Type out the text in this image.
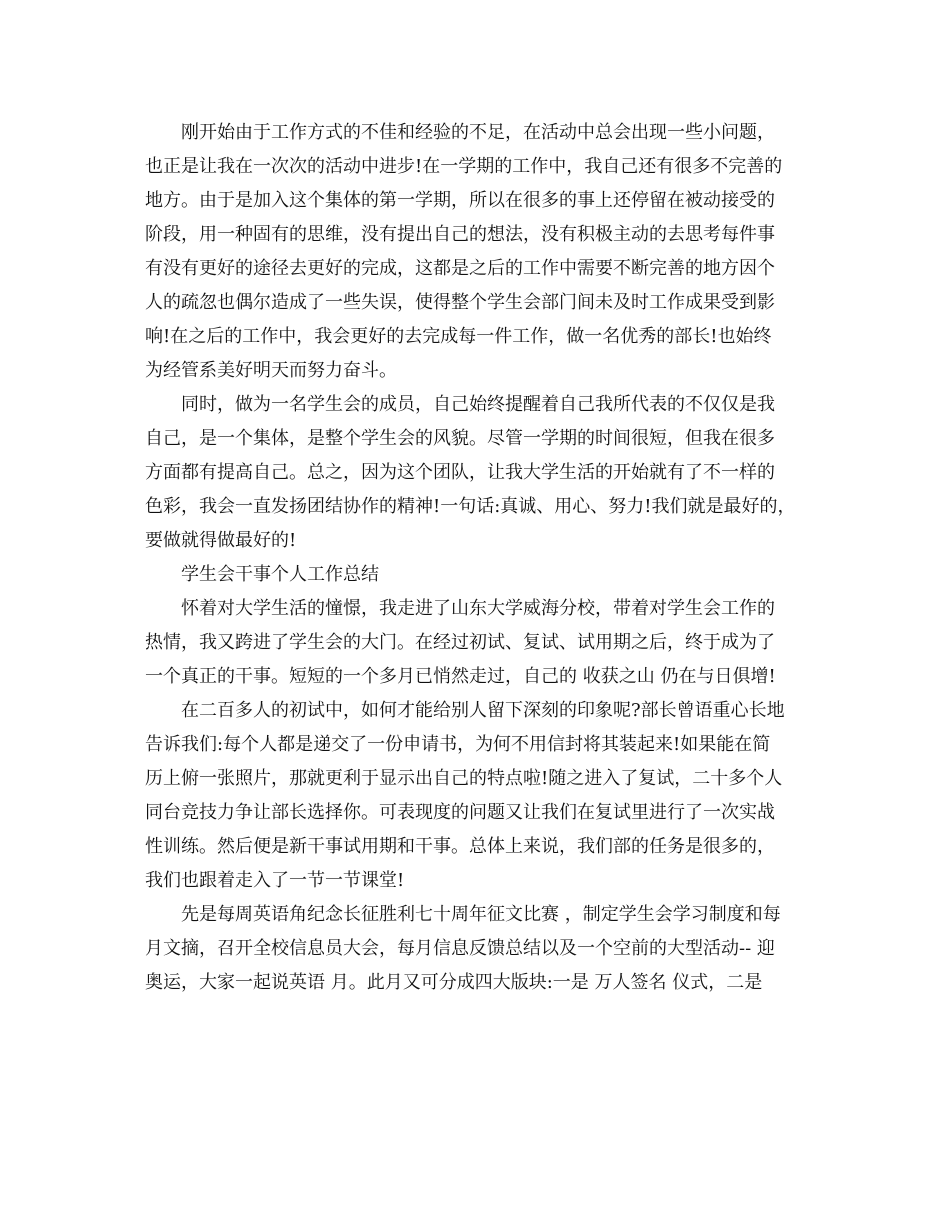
刚开始由于工作方式的不佳和经验的不足，在活动中总会出现一些小问题，
也正是让我在一次次的活动中进步!在一学期的工作中，我自己还有很多不完善的
地方。由于是加入这个集体的第一学期，所以在很多的事上还停留在被动接受的
阶段，用一种固有的思维，没有提出自己的想法，没有积极主动的去思考每件事
有没有更好的途径去更好的完成，这都是之后的工作中需要不断完善的地方因个
人的疏忽也偶尔造成了一些失误，使得整个学生会部门间未及时工作成果受到影
响!在之后的工作中，我会更好的去完成每一件工作，做一名优秀的部长!也始终
为经管系美好明天而努力奋斗。
同时，做为一名学生会的成员，自己始终提醒着自己我所代表的不仅仅是我
自己，是一个集体，是整个学生会的风貌。尽管一学期的时间很短，但我在很多
方面都有提高自己。总之，因为这个团队，让我大学生活的开始就有了不一样的
色彩，我会一直发扬团结协作的精神!一句话:真诚、用心、努力!我们就是最好的，
要做就得做最好的!
学生会干事个人工作总结
怀着对大学生活的憧憬，我走进了山东大学威海分校，带着对学生会工作的
热情，我又跨进了学生会的大门。在经过初试、复试、试用期之后，终于成为了
一个真正的干事。短短的一个多月已悄然走过，自己的 收获之山 仍在与日俱增!
在二百多人的初试中，如何才能给别人留下深刻的印象呢?部长曾语重心长地
告诉我们:每个人都是递交了一份申请书，为何不用信封将其装起来!如果能在简
历上俯一张照片，那就更利于显示出自己的特点啦!随之进入了复试，二十多个人
同台竞技力争让部长选择你。可表现度的问题又让我们在复试里进行了一次实战
性训练。然后便是新干事试用期和干事。总体上来说，我们部的任务是很多的，
我们也跟着走入了一节一节课堂!
先是每周英语角纪念长征胜利七十周年征文比赛 ，制定学生会学习制度和每
月文摘，召开全校信息员大会，每月信息反馈总结以及一个空前的大型活动-- 迎
奥运，大家一起说英语 月。此月又可分成四大版块:一是 万人签名 仪式，二是
